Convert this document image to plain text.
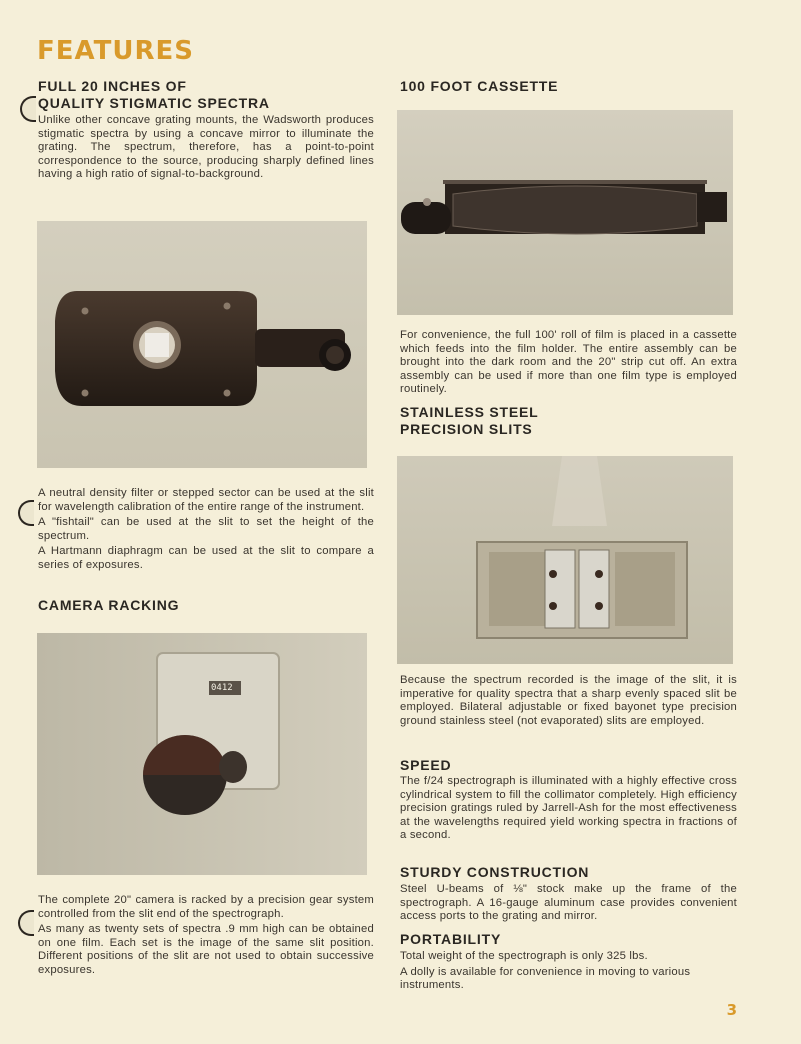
FEATURES
FULL 20 INCHES OF
QUALITY STIGMATIC SPECTRA
Unlike other concave grating mounts, the Wadsworth produces stigmatic spectra by using a concave mirror to illuminate the grating. The spectrum, therefore, has a point-to-point correspondence to the source, producing sharply defined lines having a high ratio of signal-to-background.

A neutral density filter or stepped sector can be used at the slit for wavelength calibration of the entire range of the instrument.

A "fishtail" can be used at the slit to set the height of the spectrum.

A Hartmann diaphragm can be used at the slit to compare a series of exposures.

CAMERA RACKING
0412

The complete 20" camera is racked by a precision gear system controlled from the slit end of the spectrograph.

As many as twenty sets of spectra .9 mm high can be obtained on one film. Each set is the image of the same slit position. Different positions of the slit are not used to obtain successive exposures.

100 FOOT CASSETTE
For convenience, the full 100' roll of film is placed in a cassette which feeds into the film holder. The entire assembly can be brought into the dark room and the 20" strip cut off. An extra assembly can be used if more than one film type is employed routinely.
STAINLESS STEEL
PRECISION SLITS
Because the spectrum recorded is the image of the slit, it is imperative for quality spectra that a sharp evenly spaced slit be employed. Bilateral adjustable or fixed bayonet type precision ground stainless steel (not evaporated) slits are employed.
SPEED
The f/24 spectrograph is illuminated with a highly effective cross cylindrical system to fill the collimator completely. High efficiency precision gratings ruled by Jarrell-Ash for the most effectiveness at the wavelengths required yield working spectra in fractions of a second.
STURDY CONSTRUCTION
Steel U-beams of ⅛" stock make up the frame of the spectrograph. A 16-gauge aluminum case provides convenient access ports to the grating and mirror.
PORTABILITY

Total weight of the spectrograph is only 325 lbs.

A dolly is available for convenience in moving to various instruments.

3
